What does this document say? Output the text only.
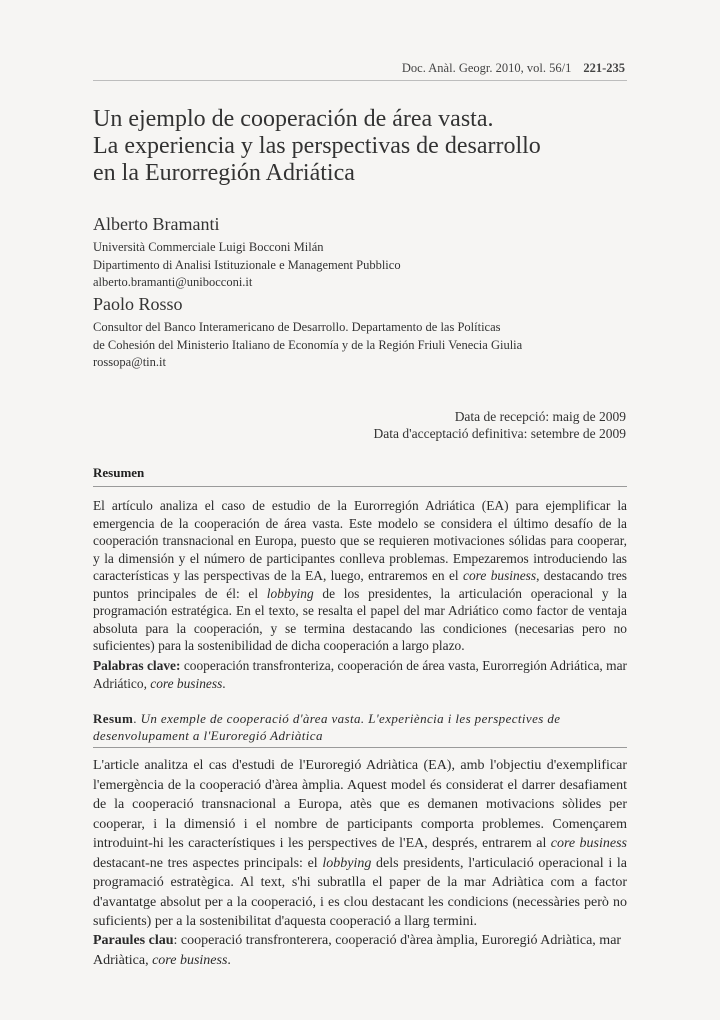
Doc. Anàl. Geogr. 2010, vol. 56/1 221-235
Un ejemplo de cooperación de área vasta.
La experiencia y las perspectivas de desarrollo
en la Eurorregión Adriática
Alberto Bramanti
Università Commerciale Luigi Bocconi Milán
Dipartimento di Analisi Istituzionale e Management Pubblico
alberto.bramanti@unibocconi.it
Paolo Rosso
Consultor del Banco Interamericano de Desarrollo. Departamento de las Políticas
de Cohesión del Ministerio Italiano de Economía y de la Región Friuli Venecia Giulia
rossopa@tin.it
Data de recepció: maig de 2009
Data d'acceptació definitiva: setembre de 2009
Resumen
El artículo analiza el caso de estudio de la Eurorregión Adriática (EA) para ejemplificar la emergencia de la cooperación de área vasta. Este modelo se considera el último desafío de la cooperación transnacional en Europa, puesto que se requieren motivaciones sólidas para cooperar, y la dimensión y el número de participantes conlleva problemas. Empezaremos introduciendo las características y las perspectivas de la EA, luego, entraremos en el core business, destacando tres puntos principales de él: el lobbying de los presidentes, la articulación operacional y la programación estratégica. En el texto, se resalta el papel del mar Adriático como factor de ventaja absoluta para la cooperación, y se termina destacando las condiciones (necesarias pero no suficientes) para la sostenibilidad de dicha cooperación a largo plazo.
Palabras clave: cooperación transfronteriza, cooperación de área vasta, Eurorregión Adriática, mar Adriático, core business.
Resum. Un exemple de cooperació d'àrea vasta. L'experiència i les perspectives de desenvolupament a l'Euroregió Adriàtica
L'article analitza el cas d'estudi de l'Euroregió Adriàtica (EA), amb l'objectiu d'exemplificar l'emergència de la cooperació d'àrea àmplia. Aquest model és considerat el darrer desafiament de la cooperació transnacional a Europa, atès que es demanen motivacions sòlides per cooperar, i la dimensió i el nombre de participants comporta problemes. Començarem introduint-hi les característiques i les perspectives de l'EA, després, entrarem al core business destacant-ne tres aspectes principals: el lobbying dels presidents, l'articulació operacional i la programació estratègica. Al text, s'hi subratlla el paper de la mar Adriàtica com a factor d'avantatge absolut per a la cooperació, i es clou destacant les condicions (necessàries però no suficients) per a la sostenibilitat d'aquesta cooperació a llarg termini.
Paraules clau: cooperació transfronterera, cooperació d'àrea àmplia, Euroregió Adriàtica, mar Adriàtica, core business.
